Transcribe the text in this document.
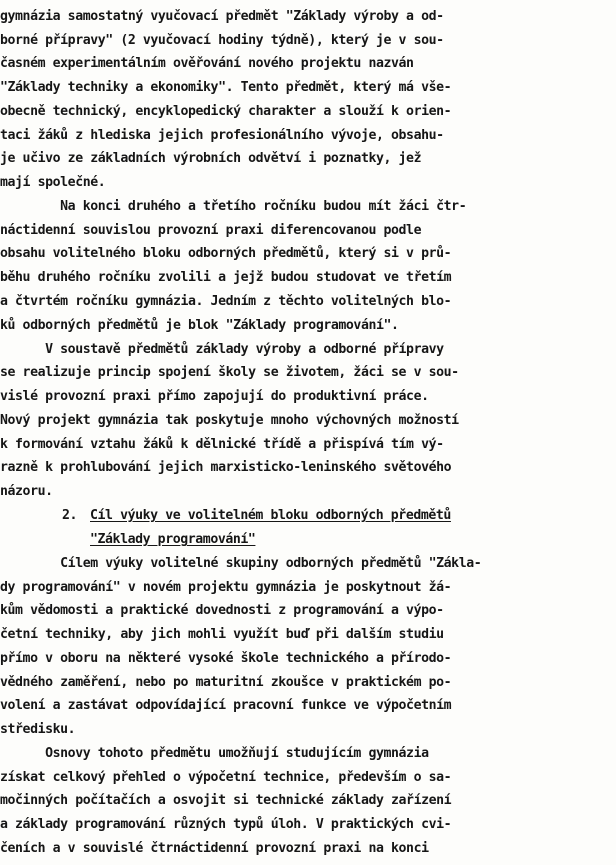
gymnázia samostatný vyučovací předmět "Základy výroby a od-
borné přípravy" (2 vyučovací hodiny týdně), který je v sou-
časném experimentálním ověřování nového projektu nazván
"Základy techniky a ekonomiky". Tento předmět, který má vše-
obecně technický, encyklopedický charakter a slouží k orien-
taci žáků z hlediska jejich profesionálního vývoje, obsahu-
je učivo ze základních výrobních odvětví i poznatky, jež
mají společné.
Na konci druhého a třetího ročníku budou mít žáci čtr-
náctidenní souvislou provozní praxi diferencovanou podle
obsahu volitelného bloku odborných předmětů, který si v prů-
běhu druhého ročníku zvolili a jejž budou studovat ve třetím
a čtvrtém ročníku gymnázia. Jedním z těchto volitelných blo-
ků odborných předmětů je blok "Základy programování".
V soustavě předmětů základy výroby a odborné přípravy
se realizuje princip spojení školy se životem, žáci se v sou-
vislé provozní praxi přímo zapojují do produktivní práce.
Nový projekt gymnázia tak poskytuje mnoho výchovných možností
k formování vztahu žáků k dělnické třídě a přispívá tím vý-
razně k prohlubování jejich marxisticko-leninského světového
názoru.
2. Cíl výuky ve volitelném bloku odborných předmětů
"Základy programování"
Cílem výuky volitelné skupiny odborných předmětů "Zákla-
dy programování" v novém projektu gymnázia je poskytnout žá-
kům vědomosti a praktické dovednosti z programování a výpo-
četní techniky, aby jich mohli využít buď při dalším studiu
přímo v oboru na některé vysoké škole technického a přírodo-
vědného zaměření, nebo po maturitní zkoušce v praktickém po-
volení a zastávat odpovídající pracovní funkce ve výpočetním
středisku.
Osnovy tohoto předmětu umožňují studujícím gymnázia
získat celkový přehled o výpočetní technice, především o sa-
močinných počítačích a osvojit si technické základy zařízení
a základy programování různých typů úloh. V praktických cvi-
čeních a v souvislé čtrnáctidenní provozní praxi na konci
